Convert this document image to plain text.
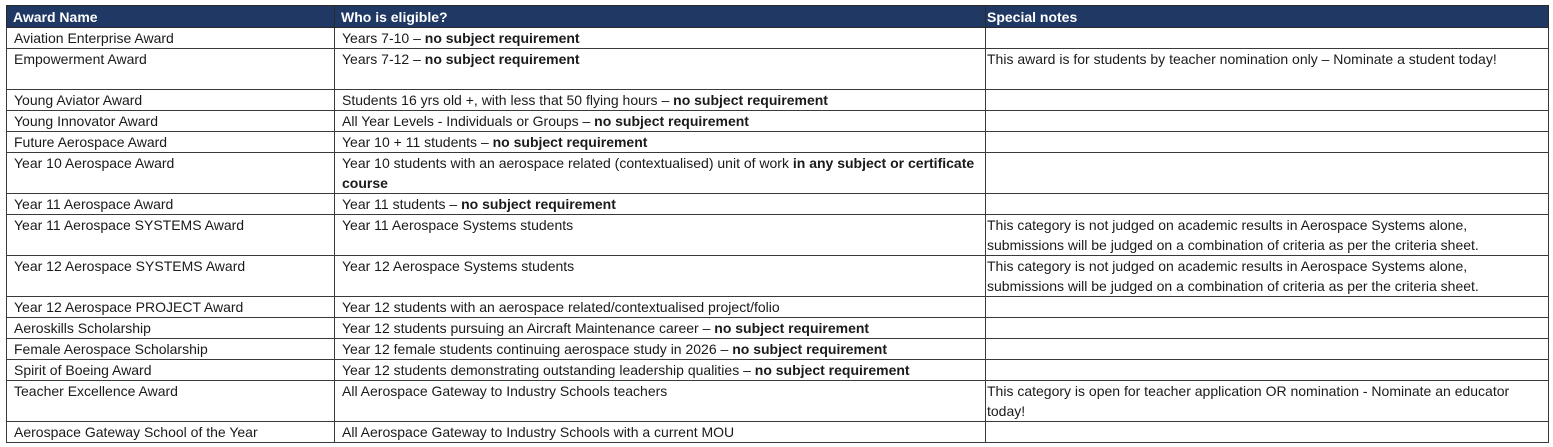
Award Name	Who is eligible?	Special notes
Aviation Enterprise Award	Years 7-10 – no subject requirement	
Empowerment Award	Years 7-12 – no subject requirement	This award is for students by teacher nomination only – Nominate a student today!
Young Aviator Award	Students 16 yrs old +, with less that 50 flying hours – no subject requirement	
Young Innovator Award	All Year Levels - Individuals or Groups – no subject requirement	
Future Aerospace Award	Year 10 + 11 students – no subject requirement	
Year 10 Aerospace Award	Year 10 students with an aerospace related (contextualised) unit of work in any subject or certificate course	
Year 11 Aerospace Award	Year 11 students – no subject requirement	
Year 11 Aerospace SYSTEMS Award	Year 11 Aerospace Systems students	This category is not judged on academic results in Aerospace Systems alone, submissions will be judged on a combination of criteria as per the criteria sheet.
Year 12 Aerospace SYSTEMS Award	Year 12 Aerospace Systems students	This category is not judged on academic results in Aerospace Systems alone, submissions will be judged on a combination of criteria as per the criteria sheet.
Year 12 Aerospace PROJECT Award	Year 12 students with an aerospace related/contextualised project/folio	
Aeroskills Scholarship	Year 12 students pursuing an Aircraft Maintenance career – no subject requirement	
Female Aerospace Scholarship	Year 12 female students continuing aerospace study in 2026 – no subject requirement	
Spirit of Boeing Award	Year 12 students demonstrating outstanding leadership qualities – no subject requirement	
Teacher Excellence Award	All Aerospace Gateway to Industry Schools teachers	This category is open for teacher application OR nomination - Nominate an educator today!
Aerospace Gateway School of the Year	All Aerospace Gateway to Industry Schools with a current MOU	
